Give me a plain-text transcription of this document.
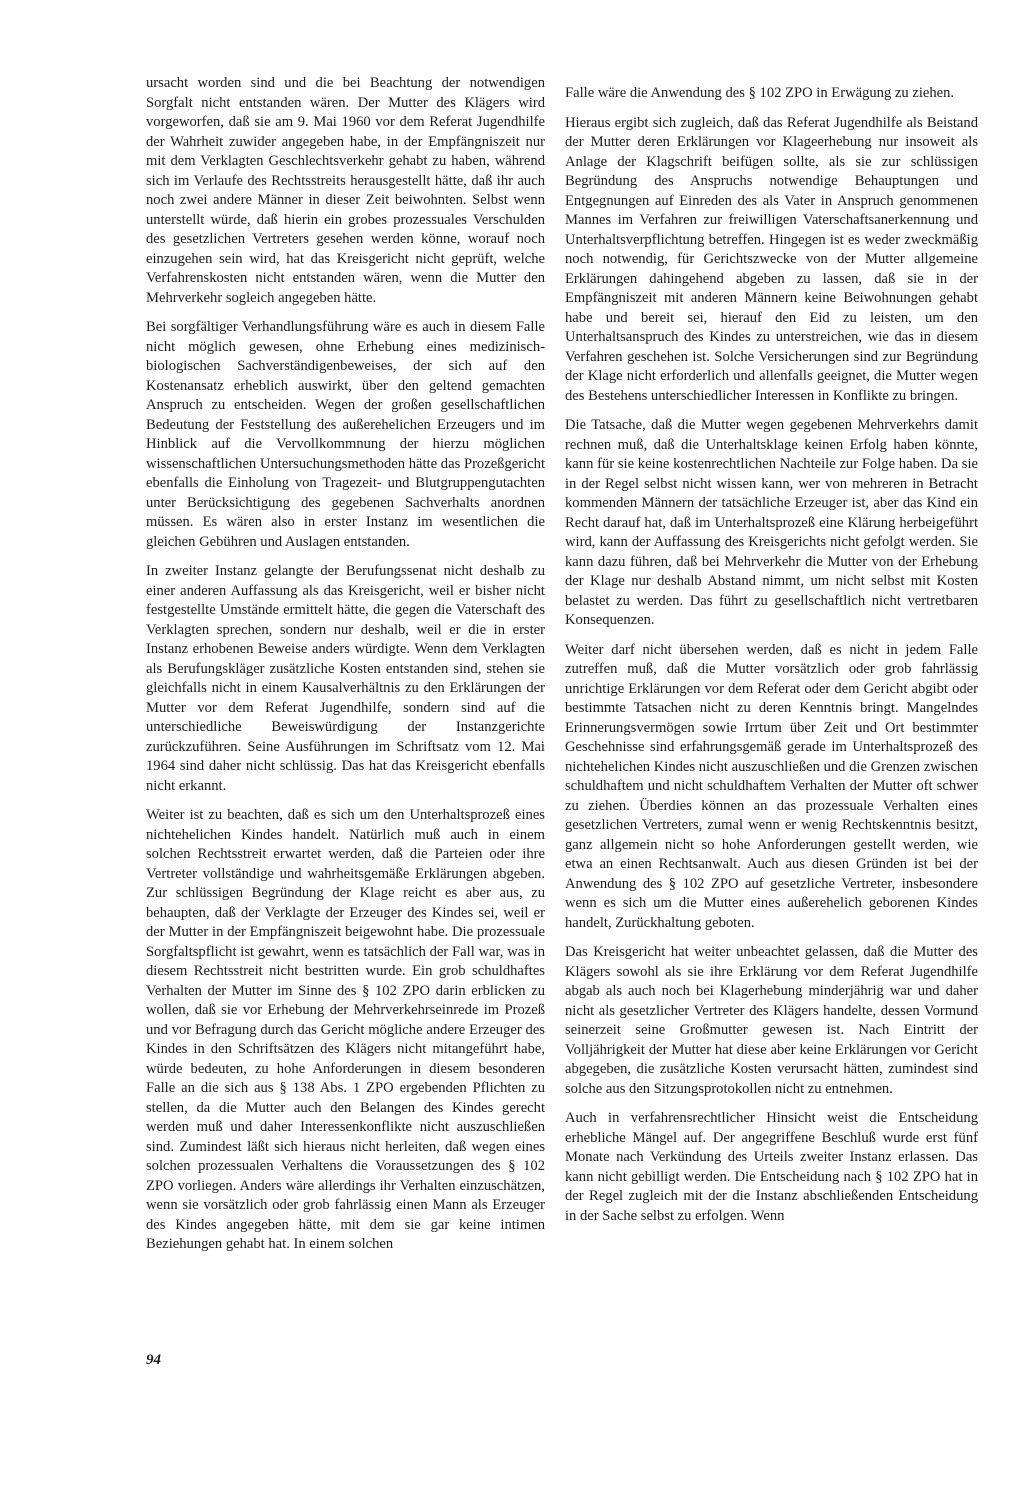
ursacht worden sind und die bei Beachtung der notwendigen Sorgfalt nicht entstanden wären. Der Mutter des Klägers wird vorgeworfen, daß sie am 9. Mai 1960 vor dem Referat Jugendhilfe der Wahrheit zuwider angegeben habe, in der Empfängniszeit nur mit dem Verklagten Geschlechtsverkehr gehabt zu haben, während sich im Verlaufe des Rechtsstreits herausgestellt hätte, daß ihr auch noch zwei andere Männer in dieser Zeit beiwohnten. Selbst wenn unterstellt würde, daß hierin ein grobes prozessuales Verschulden des gesetzlichen Vertreters gesehen werden könne, worauf noch einzugehen sein wird, hat das Kreisgericht nicht geprüft, welche Verfahrenskosten nicht entstanden wären, wenn die Mutter den Mehrverkehr sogleich angegeben hätte.

Bei sorgfältiger Verhandlungsführung wäre es auch in diesem Falle nicht möglich gewesen, ohne Erhebung eines medizinisch-biologischen Sachverständigenbeweises, der sich auf den Kostenansatz erheblich auswirkt, über den geltend gemachten Anspruch zu entscheiden. Wegen der großen gesellschaftlichen Bedeutung der Feststellung des außerehelichen Erzeugers und im Hinblick auf die Vervollkommnung der hierzu möglichen wissenschaftlichen Untersuchungsmethoden hätte das Prozeßgericht ebenfalls die Einholung von Tragezeit- und Blutgruppengutachten unter Berücksichtigung des gegebenen Sachverhalts anordnen müssen. Es wären also in erster Instanz im wesentlichen die gleichen Gebühren und Auslagen entstanden.

In zweiter Instanz gelangte der Berufungssenat nicht deshalb zu einer anderen Auffassung als das Kreisgericht, weil er bisher nicht festgestellte Umstände ermittelt hätte, die gegen die Vaterschaft des Verklagten sprechen, sondern nur deshalb, weil er die in erster Instanz erhobenen Beweise anders würdigte. Wenn dem Verklagten als Berufungskläger zusätzliche Kosten entstanden sind, stehen sie gleichfalls nicht in einem Kausalverhältnis zu den Erklärungen der Mutter vor dem Referat Jugendhilfe, sondern sind auf die unterschiedliche Beweiswürdigung der Instanzgerichte zurückzuführen. Seine Ausführungen im Schriftsatz vom 12. Mai 1964 sind daher nicht schlüssig. Das hat das Kreisgericht ebenfalls nicht erkannt.

Weiter ist zu beachten, daß es sich um den Unterhaltsprozeß eines nichtehelichen Kindes handelt. Natürlich muß auch in einem solchen Rechtsstreit erwartet werden, daß die Parteien oder ihre Vertreter vollständige und wahrheitsgemäße Erklärungen abgeben. Zur schlüssigen Begründung der Klage reicht es aber aus, zu behaupten, daß der Verklagte der Erzeuger des Kindes sei, weil er der Mutter in der Empfängniszeit beigewohnt habe. Die prozessuale Sorgfaltspflicht ist gewahrt, wenn es tatsächlich der Fall war, was in diesem Rechtsstreit nicht bestritten wurde. Ein grob schuldhaftes Verhalten der Mutter im Sinne des § 102 ZPO darin erblicken zu wollen, daß sie vor Erhebung der Mehrverkehrseinrede im Prozeß und vor Befragung durch das Gericht mögliche andere Erzeuger des Kindes in den Schriftsätzen des Klägers nicht mitangeführt habe, würde bedeuten, zu hohe Anforderungen in diesem besonderen Falle an die sich aus § 138 Abs. 1 ZPO ergebenden Pflichten zu stellen, da die Mutter auch den Belangen des Kindes gerecht werden muß und daher Interessenkonflikte nicht auszuschließen sind. Zumindest läßt sich hieraus nicht herleiten, daß wegen eines solchen prozessualen Verhaltens die Voraussetzungen des § 102 ZPO vorliegen. Anders wäre allerdings ihr Verhalten einzuschätzen, wenn sie vorsätzlich oder grob fahrlässig einen Mann als Erzeuger des Kindes angegeben hätte, mit dem sie gar keine intimen Beziehungen gehabt hat. In einem solchen

Falle wäre die Anwendung des § 102 ZPO in Erwägung zu ziehen.

Hieraus ergibt sich zugleich, daß das Referat Jugendhilfe als Beistand der Mutter deren Erklärungen vor Klageerhebung nur insoweit als Anlage der Klagschrift beifügen sollte, als sie zur schlüssigen Begründung des Anspruchs notwendige Behauptungen und Entgegnungen auf Einreden des als Vater in Anspruch genommenen Mannes im Verfahren zur freiwilligen Vaterschaftsanerkennung und Unterhaltsverpflichtung betreffen. Hingegen ist es weder zweckmäßig noch notwendig, für Gerichtszwecke von der Mutter allgemeine Erklärungen dahingehend abgeben zu lassen, daß sie in der Empfängniszeit mit anderen Männern keine Beiwohnungen gehabt habe und bereit sei, hierauf den Eid zu leisten, um den Unterhaltsanspruch des Kindes zu unterstreichen, wie das in diesem Verfahren geschehen ist. Solche Versicherungen sind zur Begründung der Klage nicht erforderlich und allenfalls geeignet, die Mutter wegen des Bestehens unterschiedlicher Interessen in Konflikte zu bringen.

Die Tatsache, daß die Mutter wegen gegebenen Mehrverkehrs damit rechnen muß, daß die Unterhaltsklage keinen Erfolg haben könnte, kann für sie keine kostenrechtlichen Nachteile zur Folge haben. Da sie in der Regel selbst nicht wissen kann, wer von mehreren in Betracht kommenden Männern der tatsächliche Erzeuger ist, aber das Kind ein Recht darauf hat, daß im Unterhaltsprozeß eine Klärung herbeigeführt wird, kann der Auffassung des Kreisgerichts nicht gefolgt werden. Sie kann dazu führen, daß bei Mehrverkehr die Mutter von der Erhebung der Klage nur deshalb Abstand nimmt, um nicht selbst mit Kosten belastet zu werden. Das führt zu gesellschaftlich nicht vertretbaren Konsequenzen.

Weiter darf nicht übersehen werden, daß es nicht in jedem Falle zutreffen muß, daß die Mutter vorsätzlich oder grob fahrlässig unrichtige Erklärungen vor dem Referat oder dem Gericht abgibt oder bestimmte Tatsachen nicht zu deren Kenntnis bringt. Mangelndes Erinnerungsvermögen sowie Irrtum über Zeit und Ort bestimmter Geschehnisse sind erfahrungsgemäß gerade im Unterhaltsprozeß des nichtehelichen Kindes nicht auszuschließen und die Grenzen zwischen schuldhaftem und nicht schuldhaftem Verhalten der Mutter oft schwer zu ziehen. Überdies können an das prozessuale Verhalten eines gesetzlichen Vertreters, zumal wenn er wenig Rechtskenntnis besitzt, ganz allgemein nicht so hohe Anforderungen gestellt werden, wie etwa an einen Rechtsanwalt. Auch aus diesen Gründen ist bei der Anwendung des § 102 ZPO auf gesetzliche Vertreter, insbesondere wenn es sich um die Mutter eines außerehelich geborenen Kindes handelt, Zurückhaltung geboten.

Das Kreisgericht hat weiter unbeachtet gelassen, daß die Mutter des Klägers sowohl als sie ihre Erklärung vor dem Referat Jugendhilfe abgab als auch noch bei Klagerhebung minderjährig war und daher nicht als gesetzlicher Vertreter des Klägers handelte, dessen Vormund seinerzeit seine Großmutter gewesen ist. Nach Eintritt der Volljährigkeit der Mutter hat diese aber keine Erklärungen vor Gericht abgegeben, die zusätzliche Kosten verursacht hätten, zumindest sind solche aus den Sitzungsprotokollen nicht zu entnehmen.

Auch in verfahrensrechtlicher Hinsicht weist die Entscheidung erhebliche Mängel auf. Der angegriffene Beschluß wurde erst fünf Monate nach Verkündung des Urteils zweiter Instanz erlassen. Das kann nicht gebilligt werden. Die Entscheidung nach § 102 ZPO hat in der Regel zugleich mit der die Instanz abschließenden Entscheidung in der Sache selbst zu erfolgen. Wenn

94
